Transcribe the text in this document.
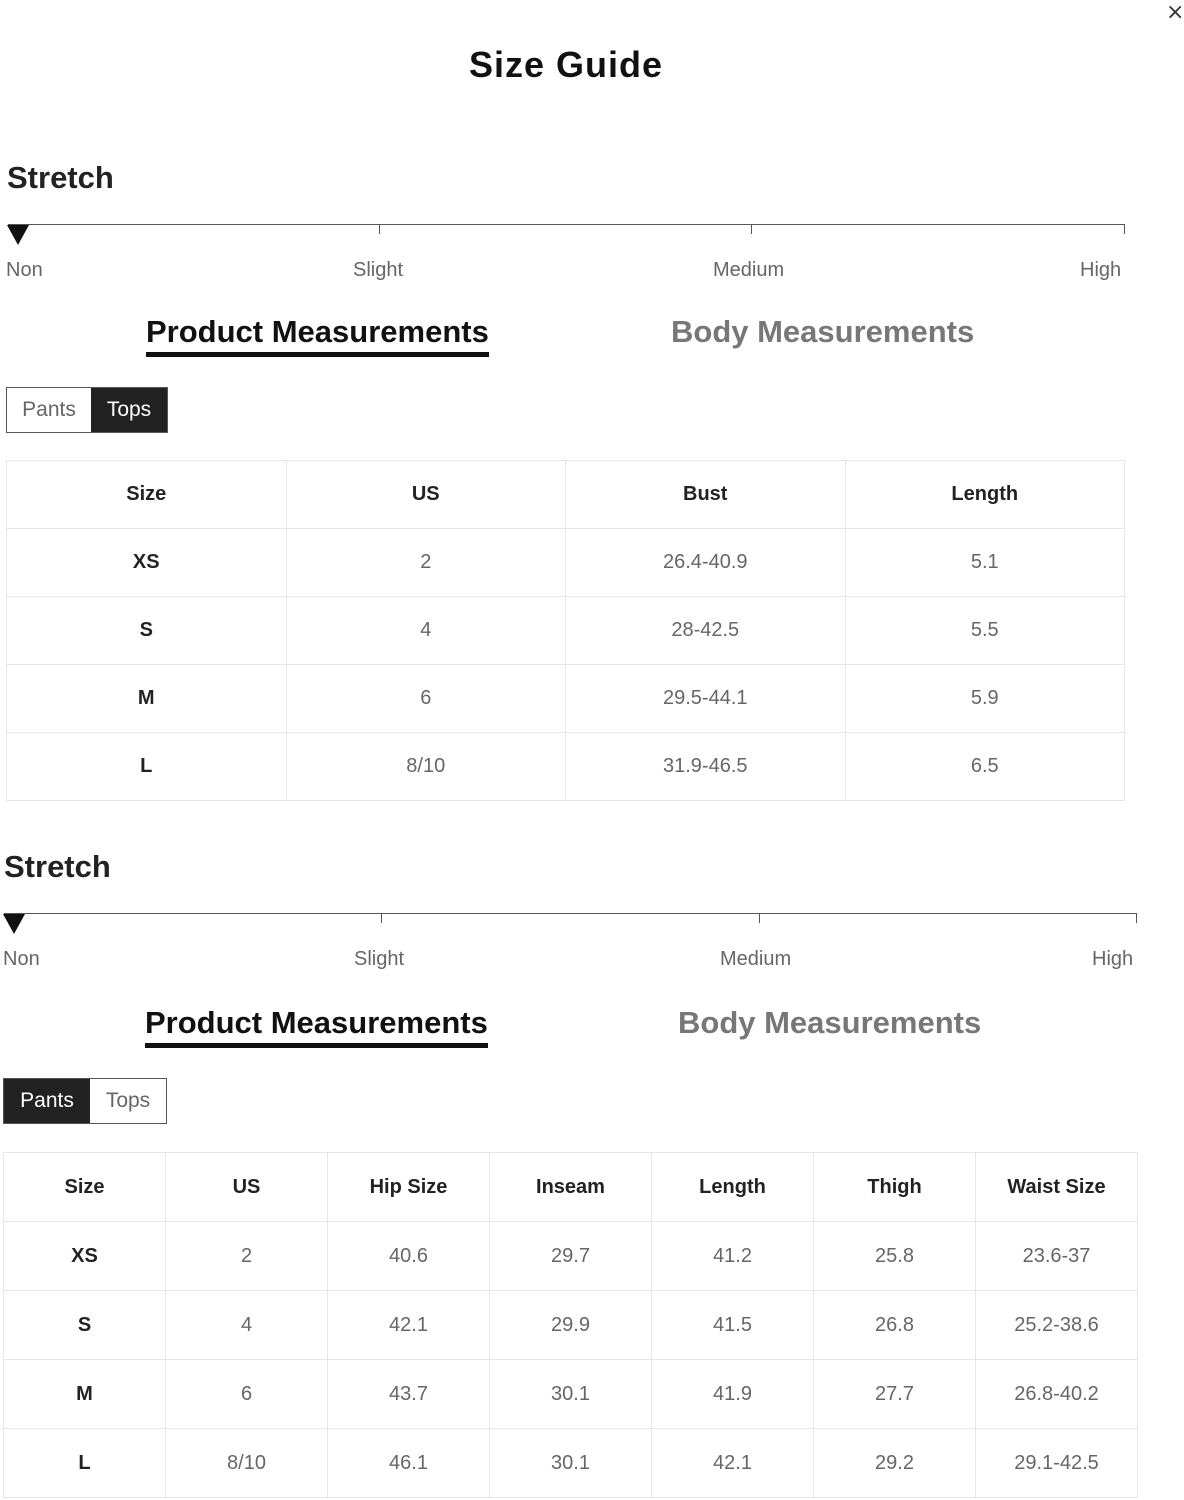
×
Size Guide
Stretch
Non	Slight	Medium	High
Product Measurements	Body Measurements
Pants	Tops
Size	US	Bust	Length
XS	2	26.4-40.9	5.1
S	4	28-42.5	5.5
M	6	29.5-44.1	5.9
L	8/10	31.9-46.5	6.5
Stretch
Non	Slight	Medium	High
Product Measurements	Body Measurements
Pants	Tops
Size	US	Hip Size	Inseam	Length	Thigh	Waist Size
XS	2	40.6	29.7	41.2	25.8	23.6-37
S	4	42.1	29.9	41.5	26.8	25.2-38.6
M	6	43.7	30.1	41.9	27.7	26.8-40.2
L	8/10	46.1	30.1	42.1	29.2	29.1-42.5
